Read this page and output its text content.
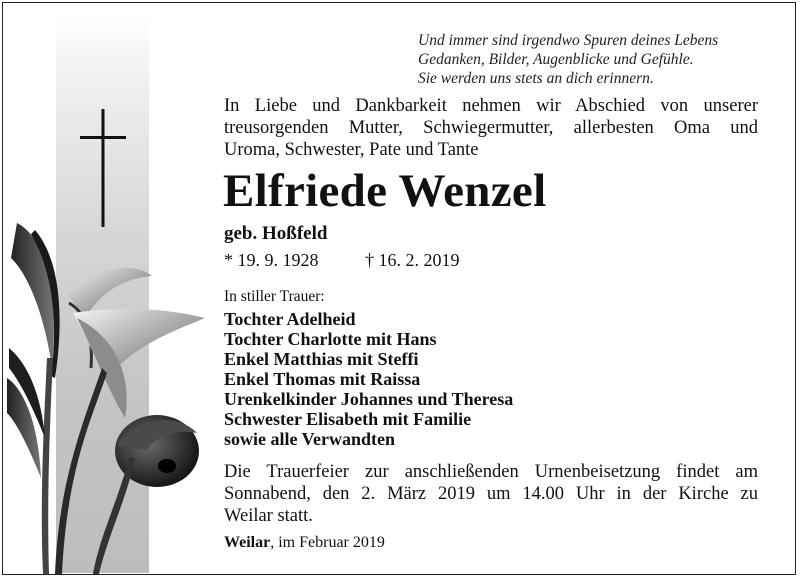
Und immer sind irgendwo Spuren deines Lebens
Gedanken, Bilder, Augenblicke und Gefühle.
Sie werden uns stets an dich erinnern.
In Liebe und Dankbarkeit nehmen wir Abschied von unserer
treusorgenden Mutter, Schwiegermutter, allerbesten Oma und
Uroma, Schwester, Pate und Tante
Elfriede Wenzel
geb. Hoßfeld
* 19. 9. 1928	† 16. 2. 2019
In stiller Trauer:
Tochter Adelheid
Tochter Charlotte mit Hans
Enkel Matthias mit Steffi
Enkel Thomas mit Raissa
Urenkelkinder Johannes und Theresa
Schwester Elisabeth mit Familie
sowie alle Verwandten
Die Trauerfeier zur anschließenden Urnenbeisetzung findet am
Sonnabend, den 2. März 2019 um 14.00 Uhr in der Kirche zu
Weilar statt.
Weilar, im Februar 2019
